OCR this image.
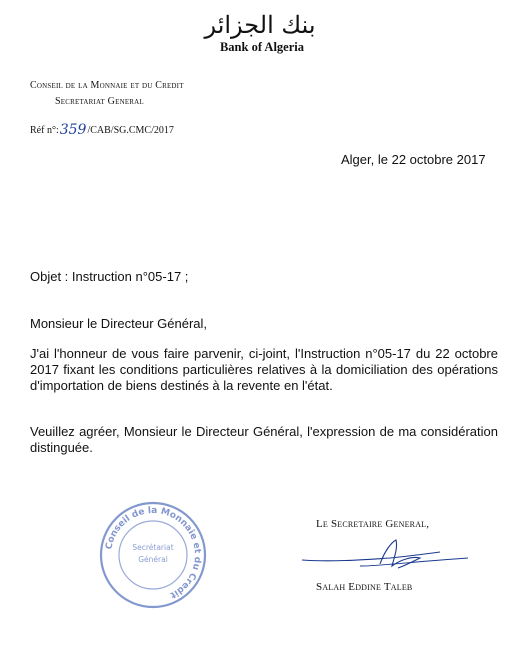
بنك الجزائر
Bank of Algeria
Conseil de la Monnaie et du Credit
Secretariat General
Réf n°:359/CAB/SG.CMC/2017
Alger, le 22 octobre 2017
Objet : Instruction n°05-17 ;
Monsieur le Directeur Général,
J'ai l'honneur de vous faire parvenir, ci-joint, l'Instruction n°05-17 du 22 octobre 2017 fixant les conditions particulières relatives à la domiciliation des opérations d'importation de biens destinés à la revente en l'état.
Veuillez agréer, Monsieur le Directeur Général, l'expression de ma considération distinguée.
Conseil de la Monnaie et du Credit
Secrétariat
Général
Le Secretaire General,
Salah Eddine Taleb
